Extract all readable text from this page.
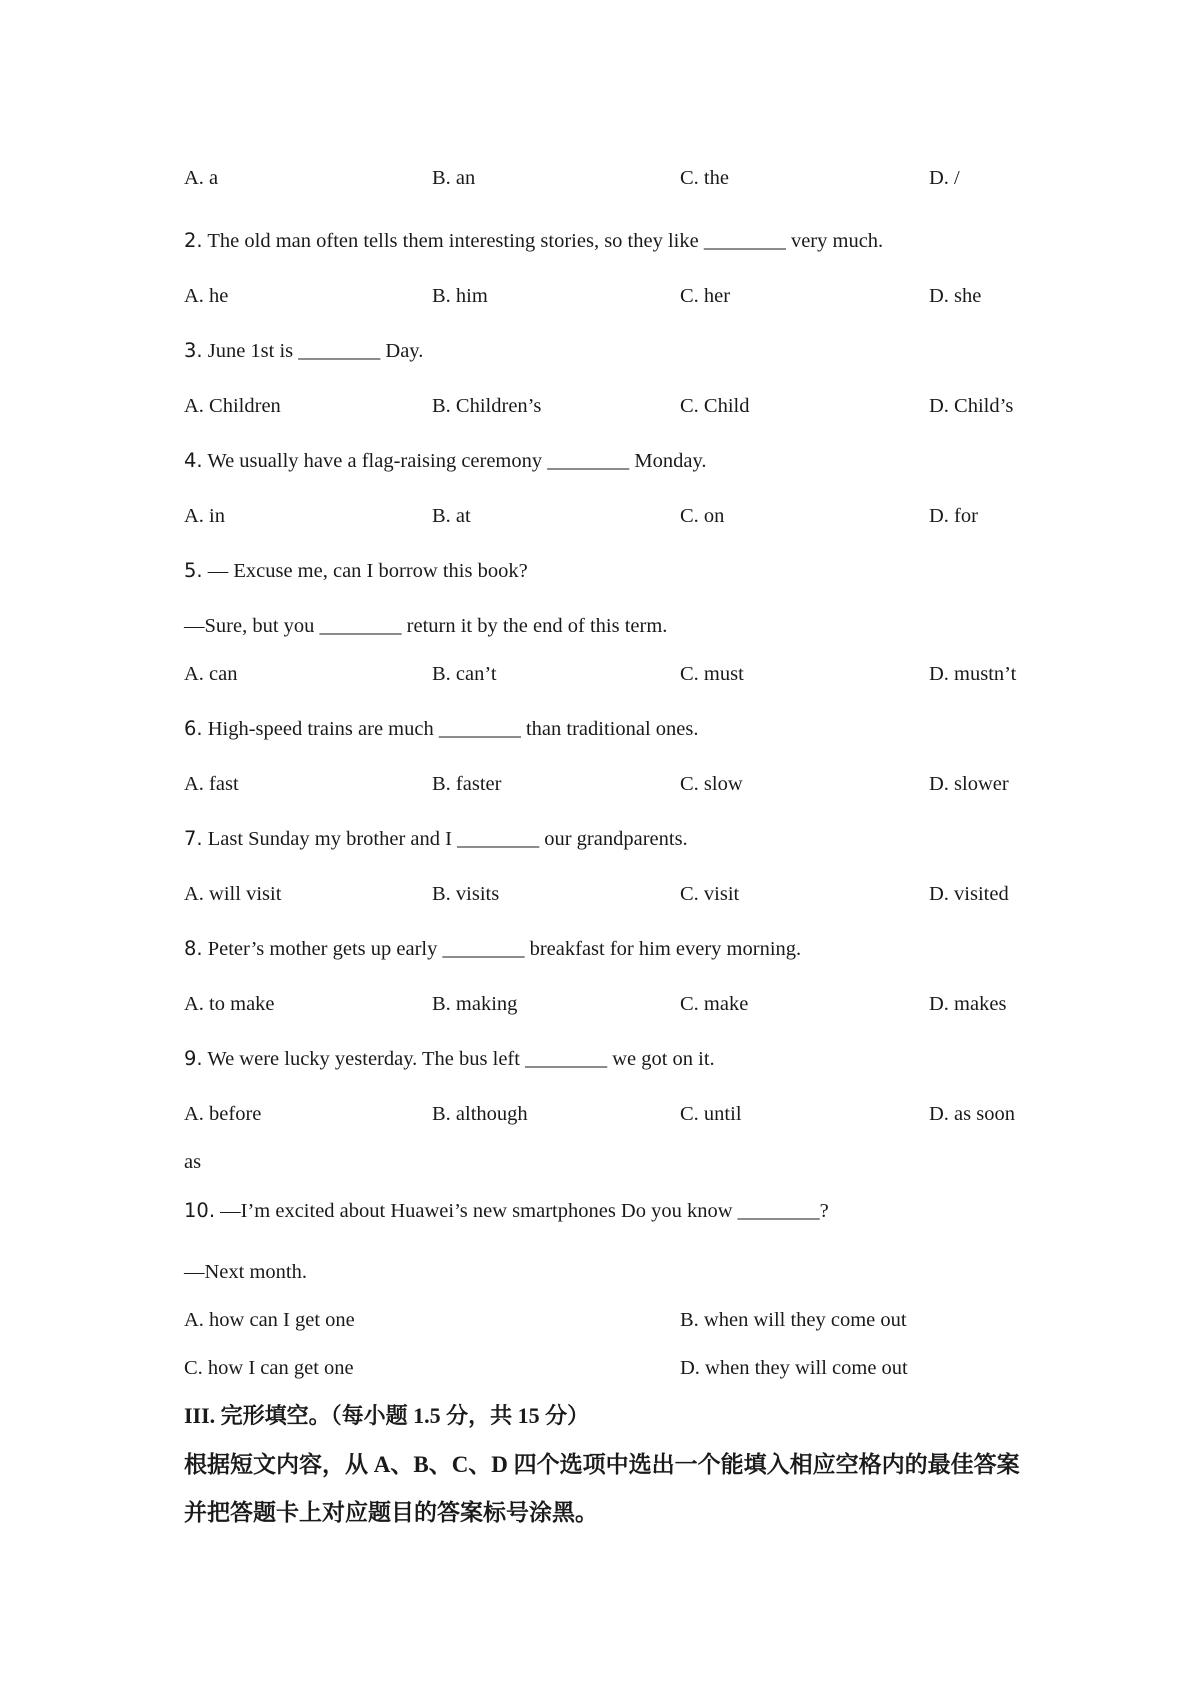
A. a	B. an	C. the	D. /
2. The old man often tells them interesting stories, so they like ________ very much.
A. he	B. him	C. her	D. she
3. June 1st is ________ Day.
A. Children	B. Children’s	C. Child	D. Child’s
4. We usually have a flag-raising ceremony ________ Monday.
A. in	B. at	C. on	D. for
5. — Excuse me, can I borrow this book?
—Sure, but you ________ return it by the end of this term.
A. can	B. can’t	C. must	D. mustn’t
6. High-speed trains are much ________ than traditional ones.
A. fast	B. faster	C. slow	D. slower
7. Last Sunday my brother and I ________ our grandparents.
A. will visit	B. visits	C. visit	D. visited
8. Peter’s mother gets up early ________ breakfast for him every morning.
A. to make	B. making	C. make	D. makes
9. We were lucky yesterday. The bus left ________ we got on it.
A. before	B. although	C. until	D. as soon
as
10. —I’m excited about Huawei’s new smartphones Do you know ________?
—Next month.
A. how can I get one	B. when will they come out
C. how I can get one	D. when they will come out
III. 完形填空。（每小题 1.5 分，共 15 分）
根据短文内容，从 A、B、C、D 四个选项中选出一个能填入相应空格内的最佳答案并把答题卡上对应题目的答案标号涂黑。
